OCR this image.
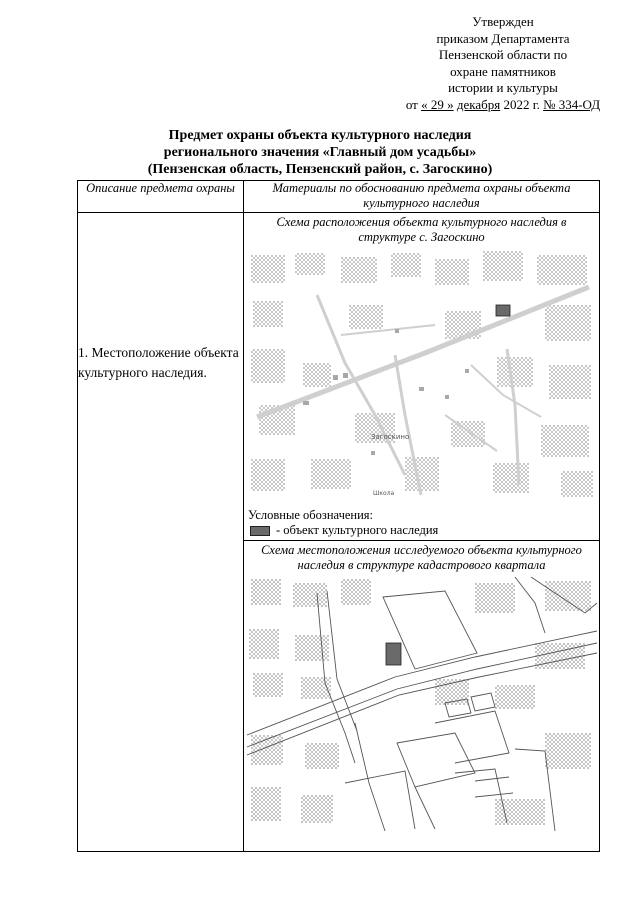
Утвержден
приказом Департамента
Пензенской области по
охране памятников
истории и культуры
от « 29 » декабря 2022 г. № 334-ОД
Предмет охраны объекта культурного наследия
регионального значения «Главный дом усадьбы»
(Пензенская область, Пензенский район, с. Загоскино)
Описание предмета охраны	Материалы по обоснованию предмета охраны объекта культурного наследия

1. Местоположение объекта культурного наследия.	Схема расположения объекта культурного наследия в структуре с. Загоскино
Загоскино
Школа
Условные обозначения:
- объект культурного наследия

	Схема местоположения исследуемого объекта культурного наследия в структуре кадастрового квартала
